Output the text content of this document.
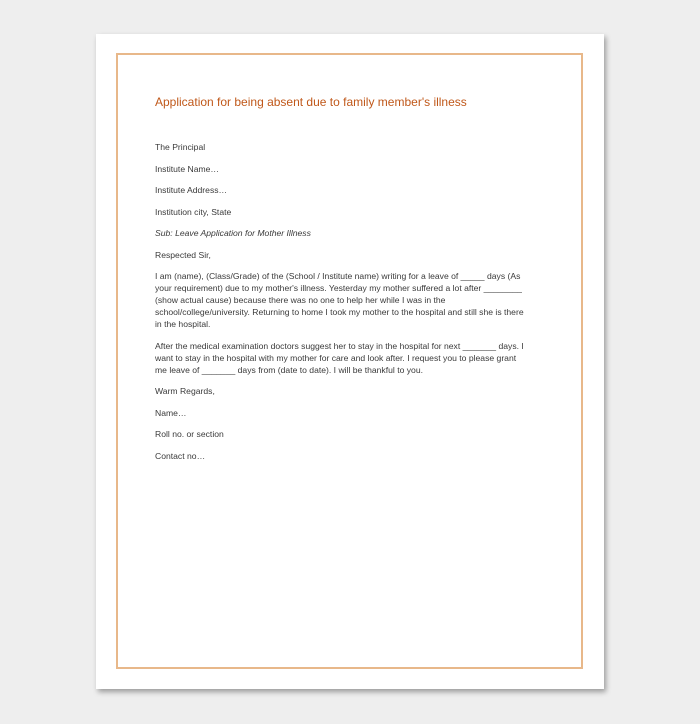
Application for being absent due to family member's illness
The Principal
Institute Name…
Institute Address…
Institution city, State
Sub: Leave Application for Mother Illness
Respected Sir,
I am (name), (Class/Grade) of the (School / Institute name) writing for a leave of _____ days (As your requirement) due to my mother's illness. Yesterday my mother suffered a lot after ________ (show actual cause) because there was no one to help her while I was in the school/college/university. Returning to home I took my mother to the hospital and still she is there in the hospital.
After the medical examination doctors suggest her to stay in the hospital for next _______ days. I want to stay in the hospital with my mother for care and look after. I request you to please grant me leave of _______ days from (date to date). I will be thankful to you.
Warm Regards,
Name…
Roll no. or section
Contact no…
